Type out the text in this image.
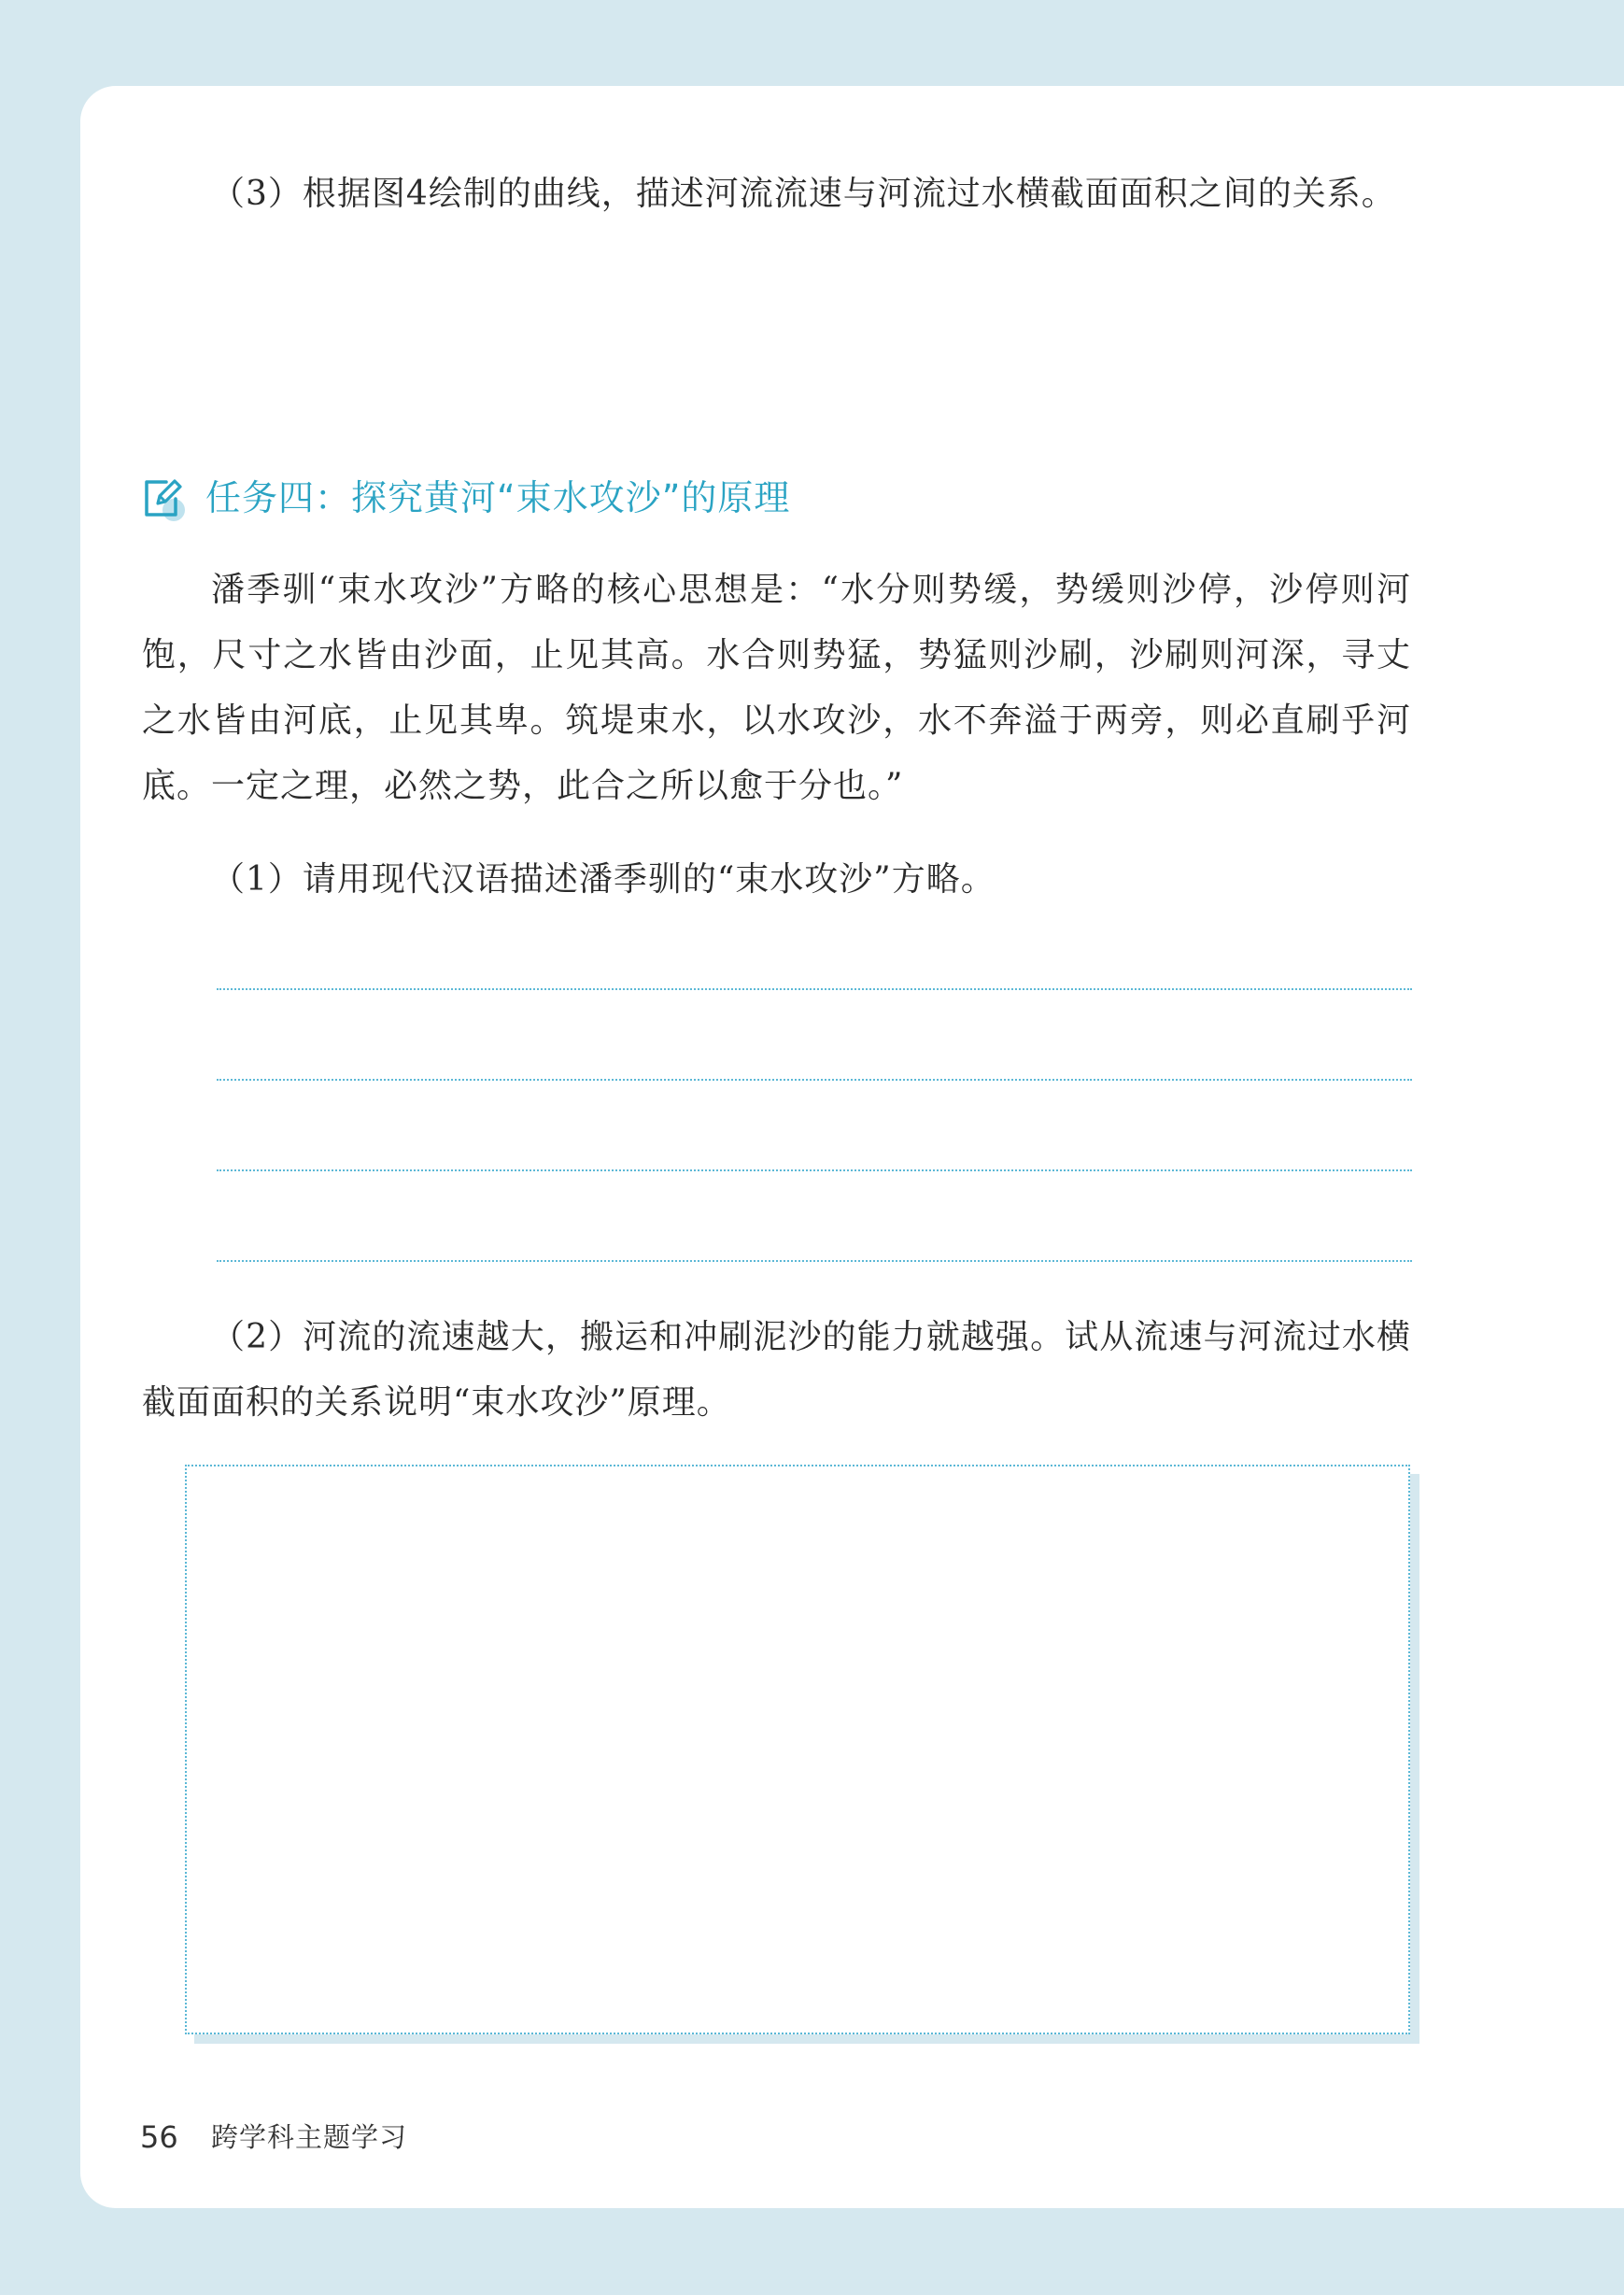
（3）根据图4绘制的曲线，描述河流流速与河流过水横截面面积之间的关系。
任务四：探究黄河“束水攻沙”的原理
潘季驯“束水攻沙”方略的核心思想是：“水分则势缓，势缓则沙停，沙停则河
饱，尺寸之水皆由沙面，止见其高。水合则势猛，势猛则沙刷，沙刷则河深，寻丈
之水皆由河底，止见其卑。筑堤束水，以水攻沙，水不奔溢于两旁，则必直刷乎河
底。一定之理，必然之势，此合之所以愈于分也。”
（1）请用现代汉语描述潘季驯的“束水攻沙”方略。
（2）河流的流速越大，搬运和冲刷泥沙的能力就越强。试从流速与河流过水横
截面面积的关系说明“束水攻沙”原理。
56 跨学科主题学习
